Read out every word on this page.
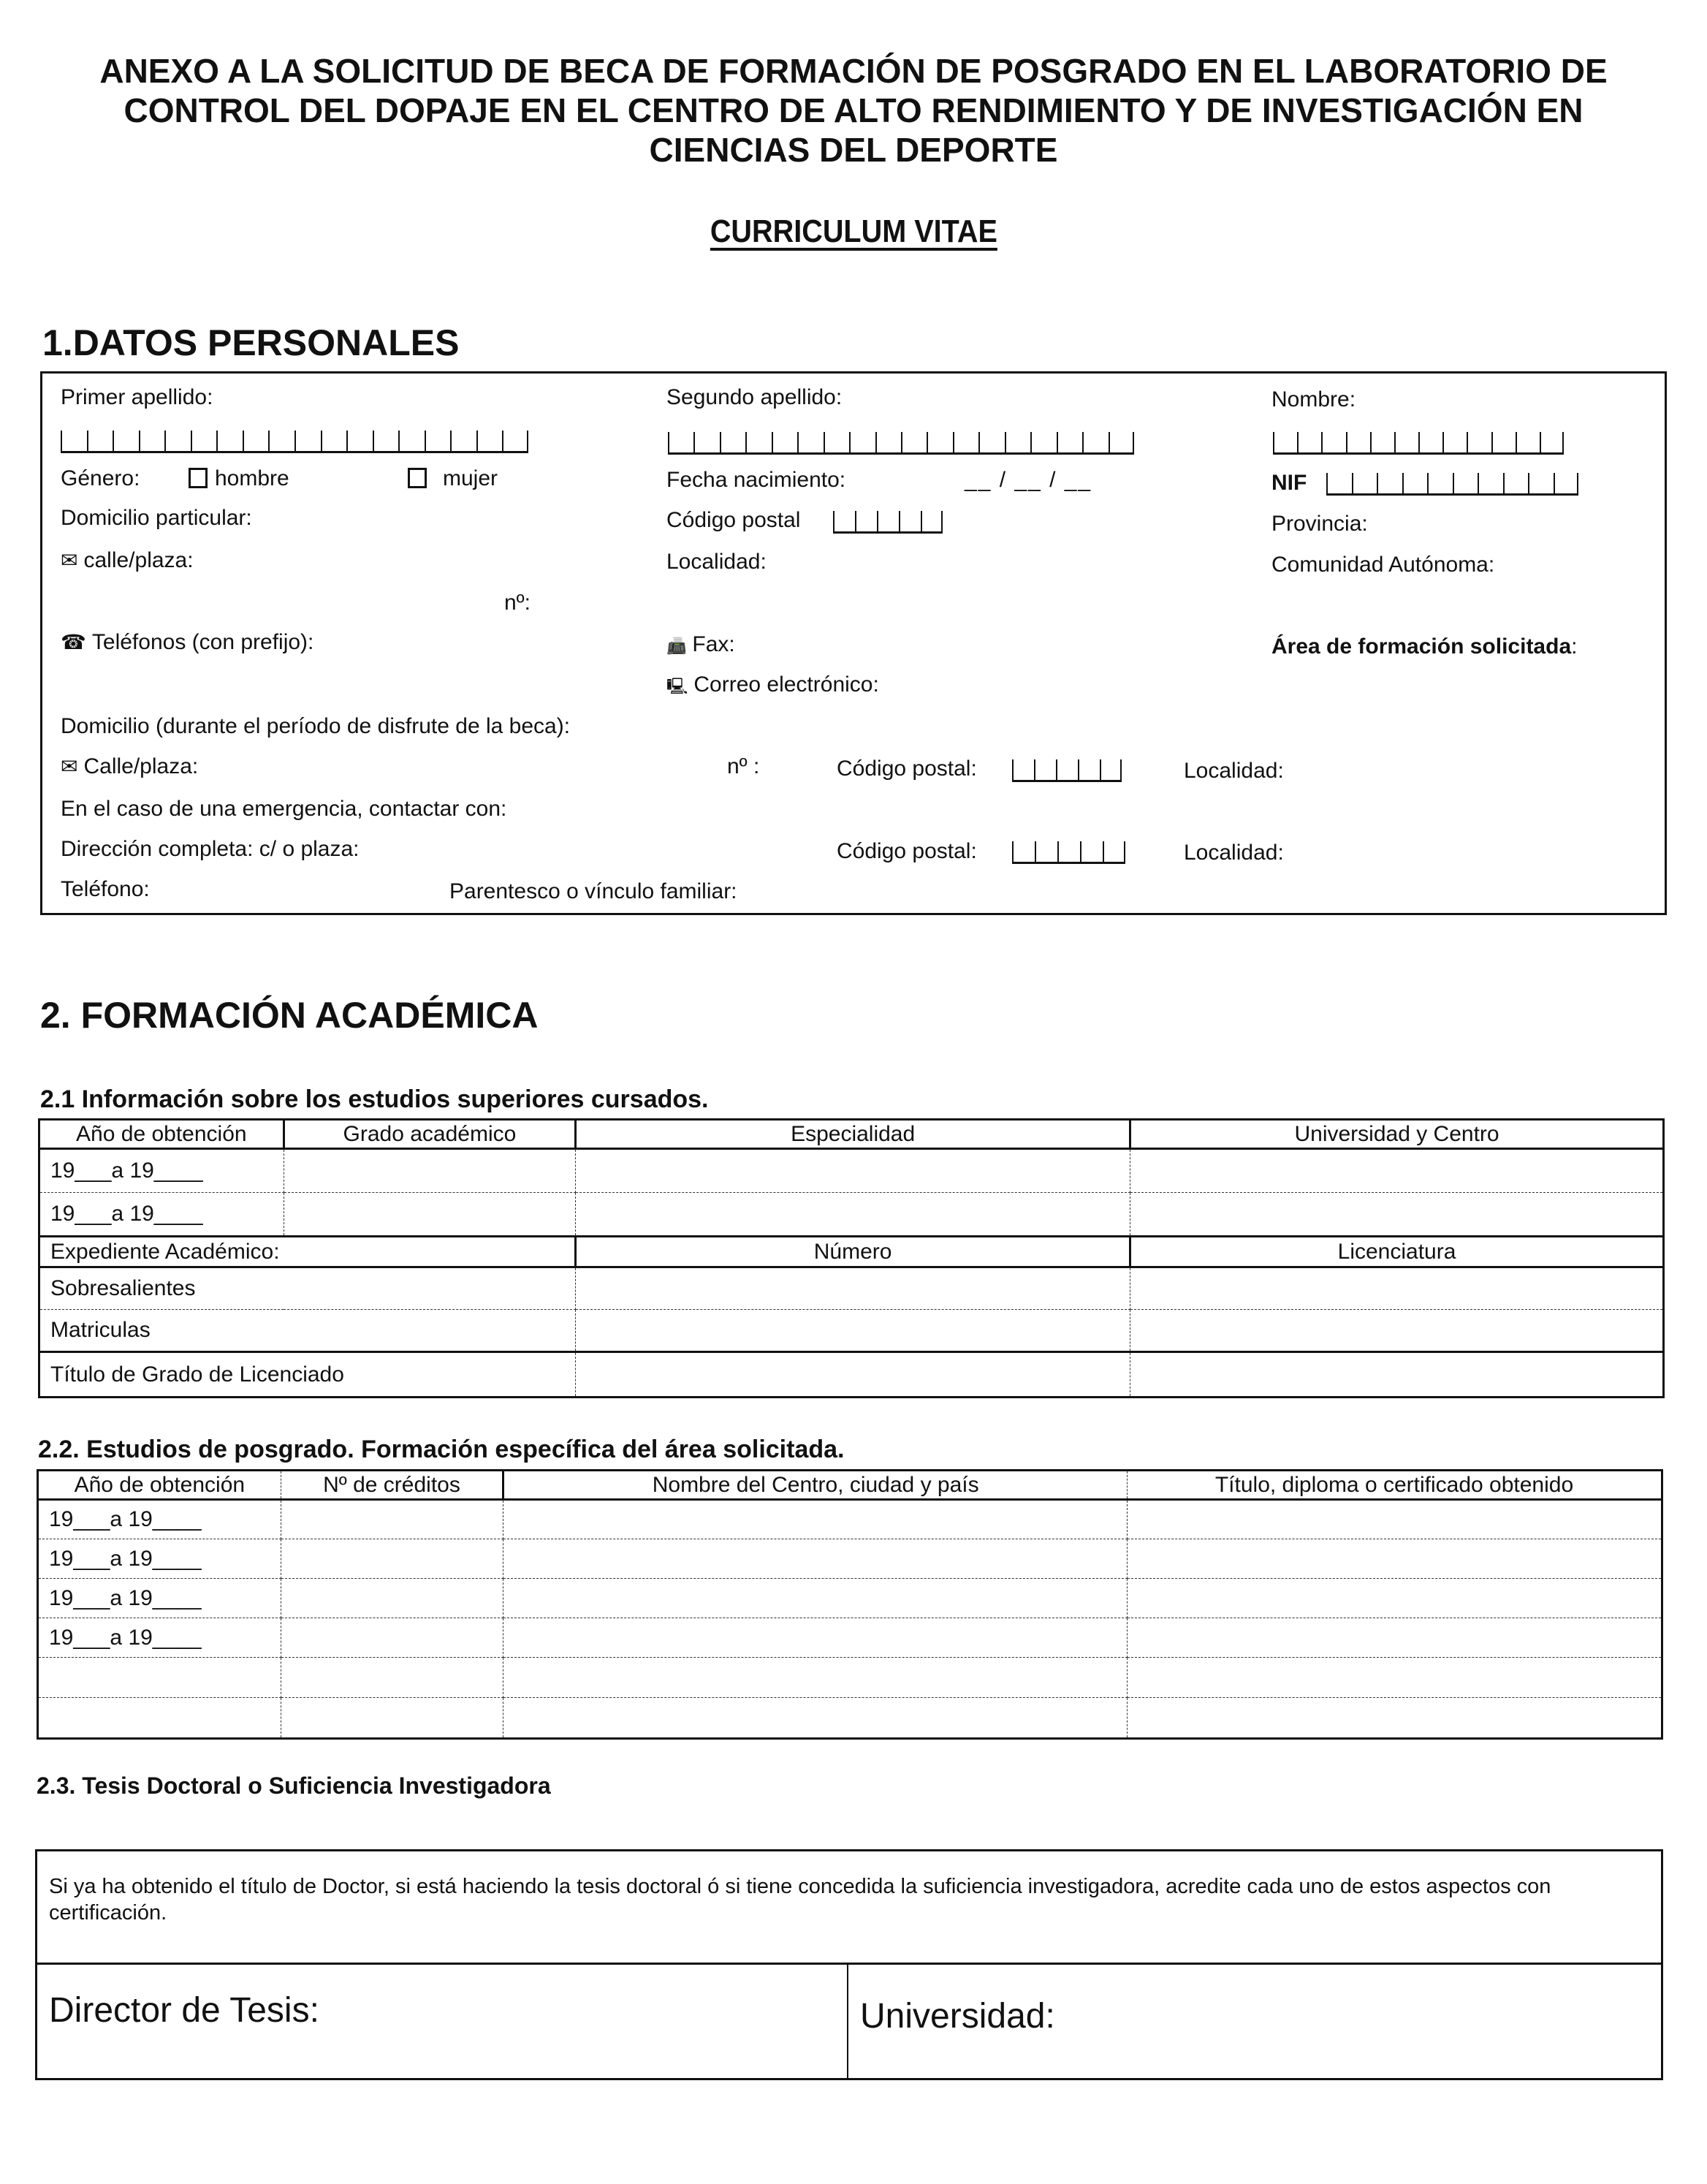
ANEXO A LA SOLICITUD DE BECA DE FORMACIÓN DE POSGRADO EN EL LABORATORIO DE
CONTROL DEL DOPAJE EN EL CENTRO DE ALTO RENDIMIENTO Y DE INVESTIGACIÓN EN
CIENCIAS DEL DEPORTE
CURRICULUM VITAE
1.DATOS PERSONALES
Primer apellido:	Segundo apellido:	Nombre:
Género:	hombre	mujer	Fecha nacimiento:	__ / __ / __	NIF
Domicilio particular:	Código postal	Provincia:
✉ calle/plaza:	Localidad:	Comunidad Autónoma:
nº:
☎ Teléfonos (con prefijo):	📠 Fax:	Área de formación solicitada:
🖳 Correo electrónico:
Domicilio (durante el período de disfrute de la beca):
✉ Calle/plaza:	nº :	Código postal:	Localidad:
En el caso de una emergencia, contactar con:
Dirección completa: c/ o plaza:	Código postal:	Localidad:
Teléfono:	Parentesco o vínculo familiar:
2. FORMACIÓN ACADÉMICA
2.1 Información sobre los estudios superiores cursados.
Año de obtención	Grado académico	Especialidad	Universidad y Centro
19___a 19____			
19___a 19____			
Expediente Académico:		Número	Licenciatura
Sobresalientes			
Matriculas			
Título de Grado de Licenciado			
2.2. Estudios de posgrado. Formación específica del área solicitada.
Año de obtención	Nº de créditos	Nombre del Centro, ciudad y país	Título, diploma o certificado obtenido
19___a 19____			
19___a 19____			
19___a 19____			
19___a 19____			

2.3. Tesis Doctoral o Suficiencia Investigadora
Si ya ha obtenido el título de Doctor, si está haciendo la tesis doctoral ó si tiene concedida la suficiencia investigadora, acredite cada uno de estos aspectos con certificación.
Director de Tesis:	Universidad:
